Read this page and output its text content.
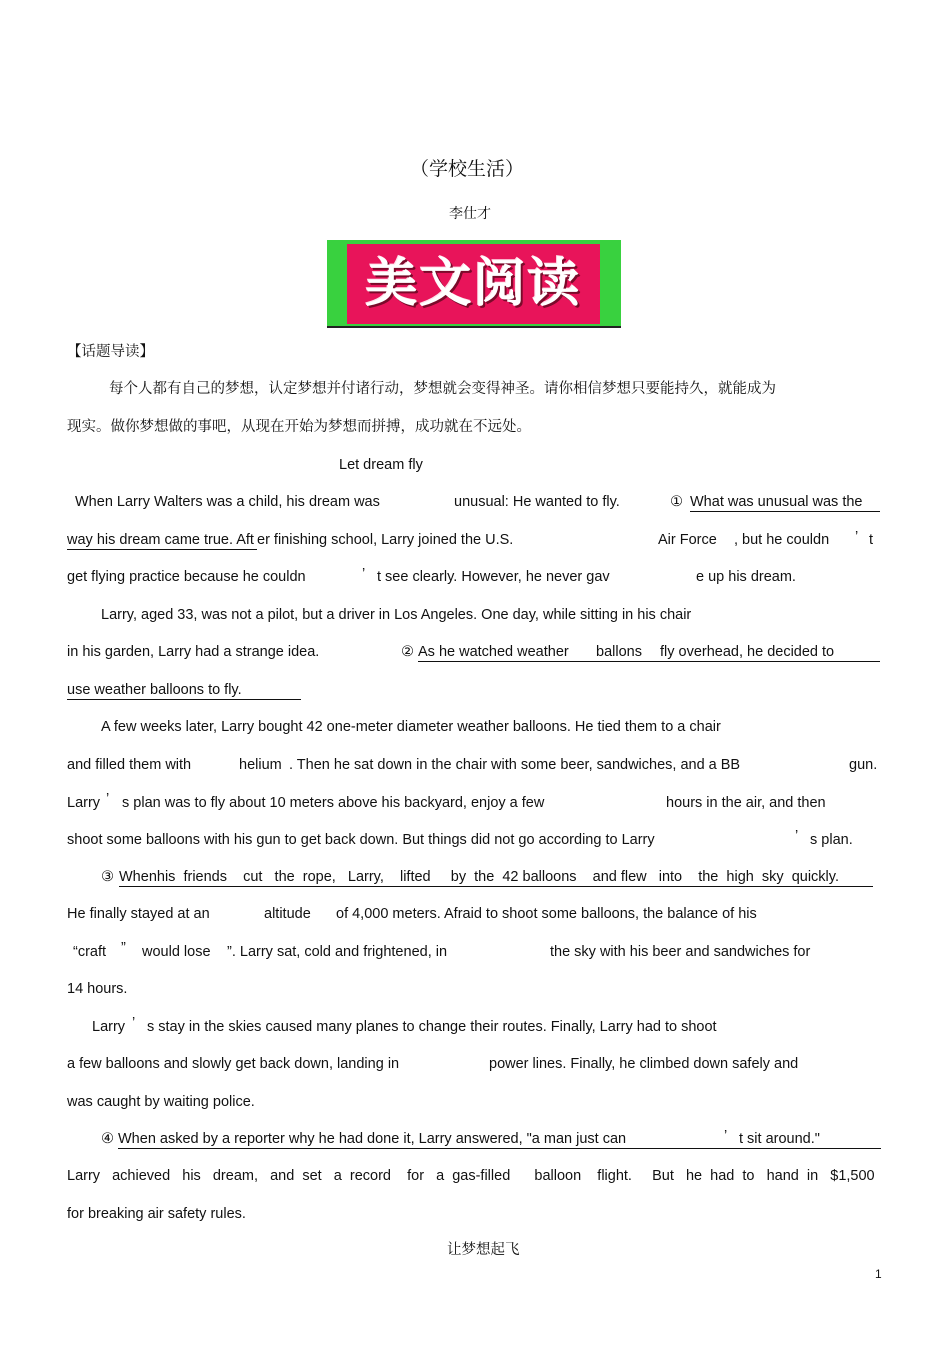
（学校生活）
李仕才
美文阅读
【话题导读】
每个人都有自己的梦想，认定梦想并付诸行动，梦想就会变得神圣。请你相信梦想只要能持久，就能成为
现实。做你梦想做的事吧，从现在开始为梦想而拼搏，成功就在不远处。
Let dream fly
When Larry Walters was a child, his dream was	unusual: He wanted to fly.	① What was unusual was the
way his dream came true. Aft er finishing school, Larry joined the U.S.	Air Force , but he couldn ’ t
get flying practice because he couldn	’ t see clearly. However, he never gav	e up his dream.
Larry, aged 33, was not a pilot, but a driver in Los Angeles. One day, while sitting in his chair
in his garden, Larry had a strange idea.	② As he watched weather ballons fly overhead, he decided to
use weather balloons to fly.
A few weeks later, Larry bought 42 one-meter diameter weather balloons. He tied them to a chair
and filled them with	helium . Then he sat down in the chair with some beer, sandwiches, and a BB	gun.
Larry ’ s plan was to fly about 10 meters above his backyard, enjoy a few	hours in the air, and then
shoot some balloons with his gun to get back down. But things did not go according to Larry	’ s plan.
③ Whenhis  friends    cut   the  rope,   Larry,    lifted     by  the  42 balloons    and flew   into    the  high  sky  quickly.
He finally stayed at an	altitude of 4,000 meters. Afraid to shoot some balloons, the balance of his
“craft ” would lose ”. Larry sat, cold and frightened, in	the sky with his beer and sandwiches for
14 hours.
Larry ’ s stay in the skies caused many planes to change their routes. Finally, Larry had to shoot
a few balloons and slowly get back down, landing in	power lines. Finally, he climbed down safely and
was caught by waiting police.
④ When asked by a reporter why he had done it, Larry answered, "a man just can	’ t sit around."
Larry   achieved   his   dream,   and  set   a  record    for   a  gas-filled      balloon    flight.     But   he  had  to   hand  in   $1,500
for breaking air safety rules.
让梦想起飞
1
